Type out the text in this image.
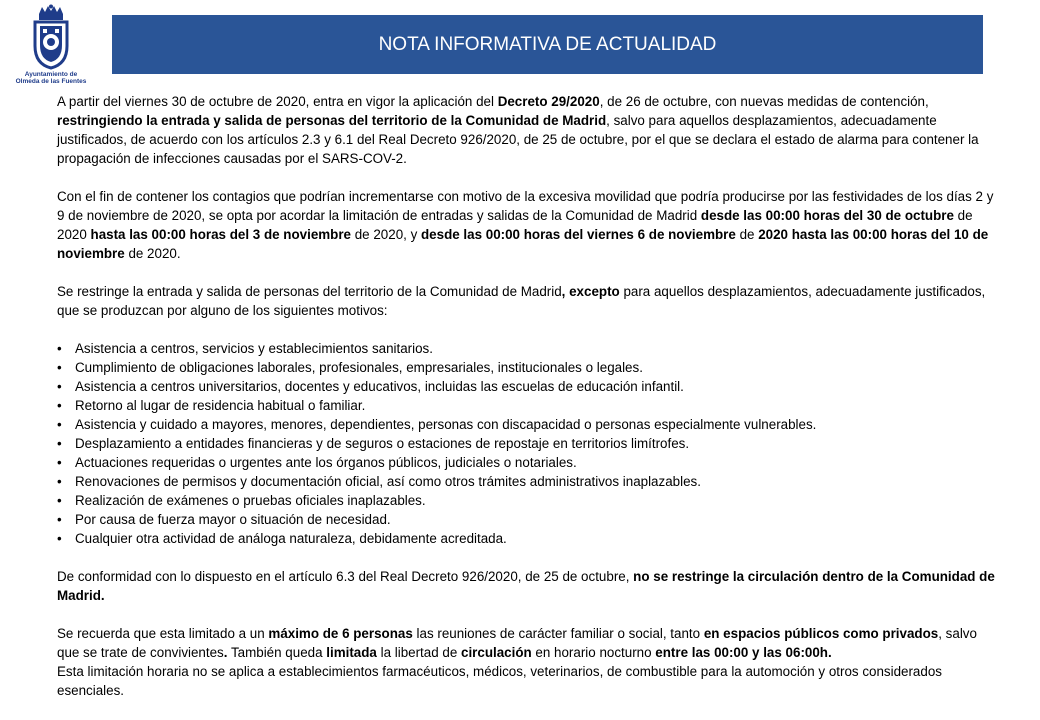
Ayuntamiento de
Olmeda de las Fuentes
NOTA INFORMATIVA DE ACTUALIDAD

A partir del viernes 30 de octubre de 2020, entra en vigor la aplicación del Decreto 29/2020, de 26 de octubre, con nuevas medidas de contención, restringiendo la entrada y salida de personas del territorio de la Comunidad de Madrid, salvo para aquellos desplazamientos, adecuadamente justificados, de acuerdo con los artículos 2.3 y 6.1 del Real Decreto 926/2020, de 25 de octubre, por el que se declara el estado de alarma para contener la propagación de infecciones causadas por el SARS-COV-2.

Con el fin de contener los contagios que podrían incrementarse con motivo de la excesiva movilidad que podría producirse por las festividades de los días 2 y 9 de noviembre de 2020, se opta por acordar la limitación de entradas y salidas de la Comunidad de Madrid desde las 00:00 horas del 30 de octubre de 2020 hasta las 00:00 horas del 3 de noviembre de 2020, y desde las 00:00 horas del viernes 6 de noviembre de 2020 hasta las 00:00 horas del 10 de noviembre de 2020.

Se restringe la entrada y salida de personas del territorio de la Comunidad de Madrid, excepto para aquellos desplazamientos, adecuadamente justificados, que se produzcan por alguno de los siguientes motivos:

• Asistencia a centros, servicios y establecimientos sanitarios.
• Cumplimiento de obligaciones laborales, profesionales, empresariales, institucionales o legales.
• Asistencia a centros universitarios, docentes y educativos, incluidas las escuelas de educación infantil.
• Retorno al lugar de residencia habitual o familiar.
• Asistencia y cuidado a mayores, menores, dependientes, personas con discapacidad o personas especialmente vulnerables.
• Desplazamiento a entidades financieras y de seguros o estaciones de repostaje en territorios limítrofes.
• Actuaciones requeridas o urgentes ante los órganos públicos, judiciales o notariales.
• Renovaciones de permisos y documentación oficial, así como otros trámites administrativos inaplazables.
• Realización de exámenes o pruebas oficiales inaplazables.
• Por causa de fuerza mayor o situación de necesidad.
• Cualquier otra actividad de análoga naturaleza, debidamente acreditada.

De conformidad con lo dispuesto en el artículo 6.3 del Real Decreto 926/2020, de 25 de octubre, no se restringe la circulación dentro de la Comunidad de Madrid.

Se recuerda que esta limitado a un máximo de 6 personas las reuniones de carácter familiar o social, tanto en espacios públicos como privados, salvo que se trate de convivientes. También queda limitada la libertad de circulación en horario nocturno entre las 00:00 y las 06:00h.

Esta limitación horaria no se aplica a establecimientos farmacéuticos, médicos, veterinarios, de combustible para la automoción y otros considerados esenciales.
